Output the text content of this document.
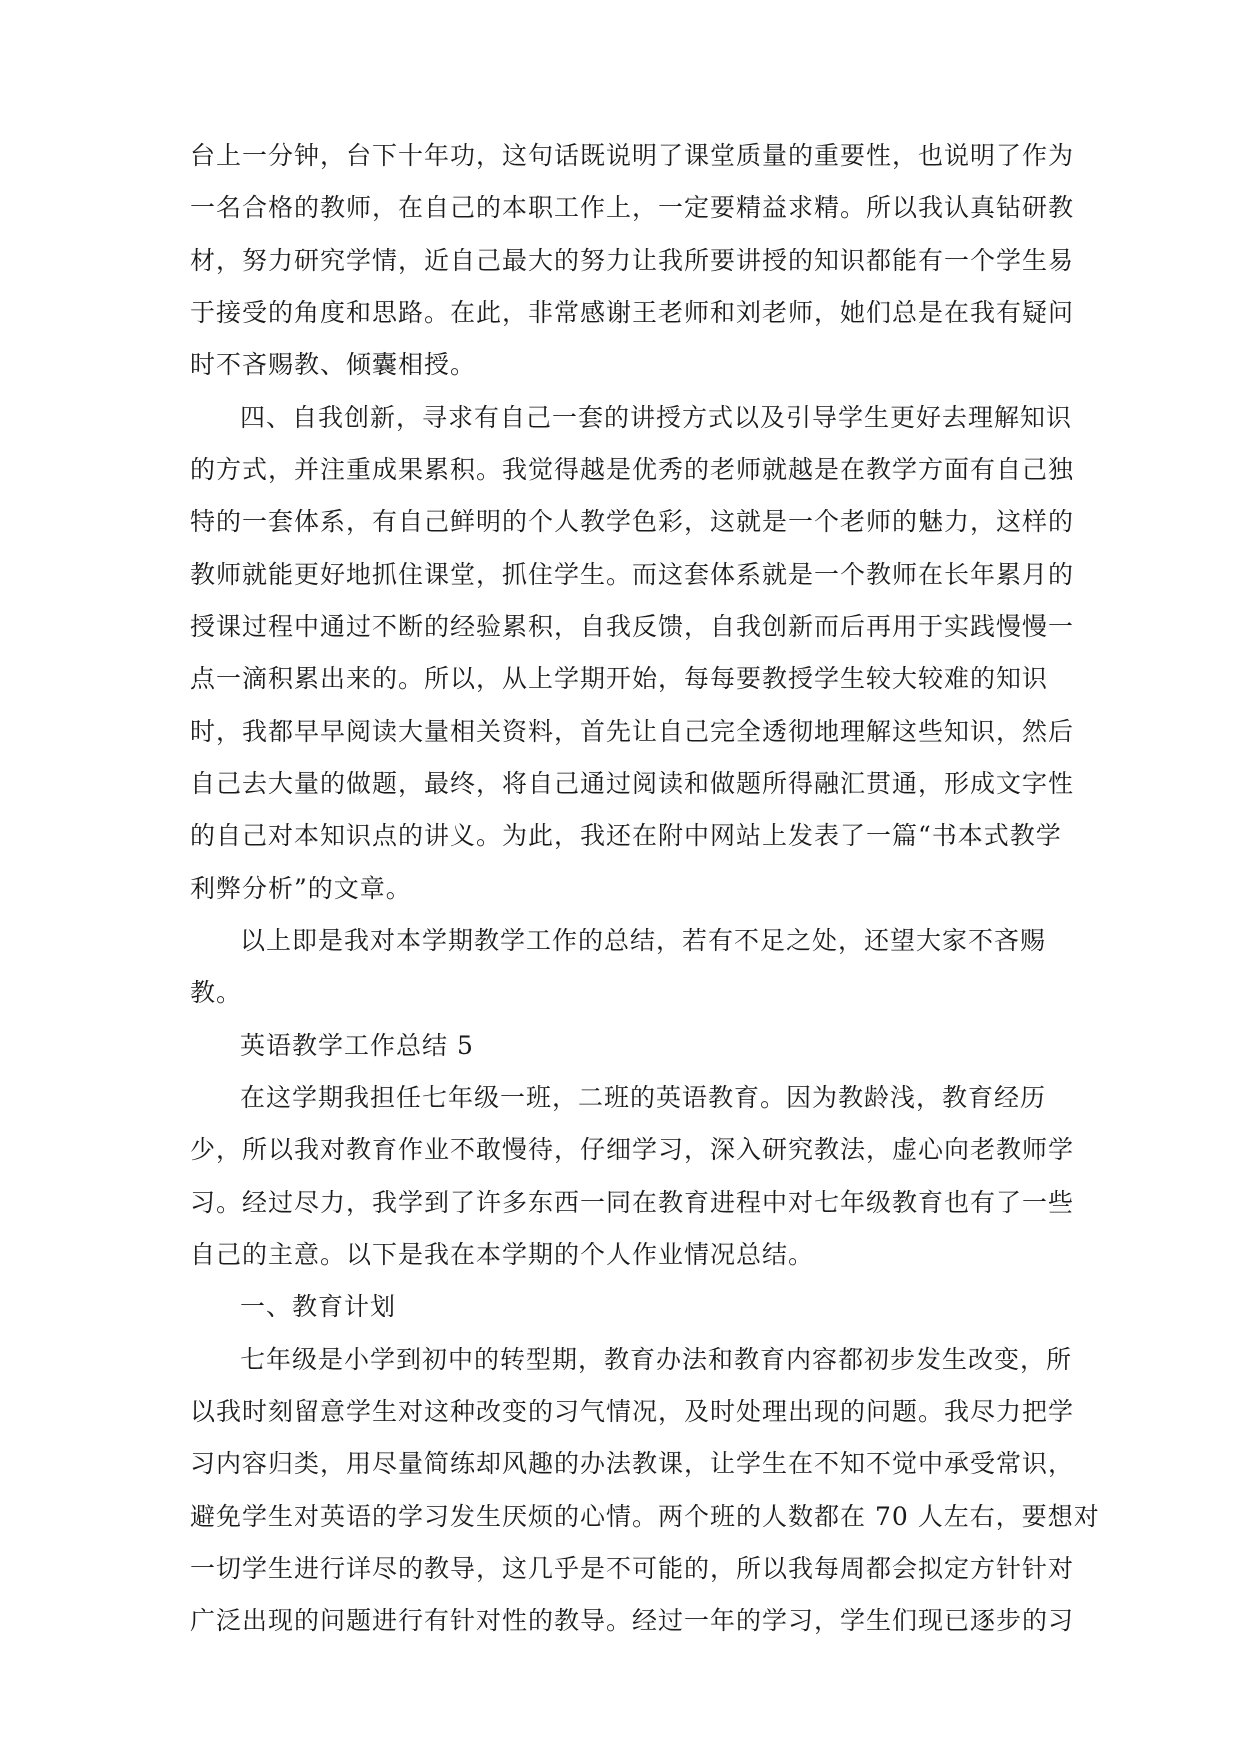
台上一分钟，台下十年功，这句话既说明了课堂质量的重要性，也说明了作为
一名合格的教师，在自己的本职工作上，一定要精益求精。所以我认真钻研教
材，努力研究学情，近自己最大的努力让我所要讲授的知识都能有一个学生易
于接受的角度和思路。在此，非常感谢王老师和刘老师，她们总是在我有疑问
时不吝赐教、倾囊相授。
四、自我创新，寻求有自己一套的讲授方式以及引导学生更好去理解知识
的方式，并注重成果累积。我觉得越是优秀的老师就越是在教学方面有自己独
特的一套体系，有自己鲜明的个人教学色彩，这就是一个老师的魅力，这样的
教师就能更好地抓住课堂，抓住学生。而这套体系就是一个教师在长年累月的
授课过程中通过不断的经验累积，自我反馈，自我创新而后再用于实践慢慢一
点一滴积累出来的。所以，从上学期开始，每每要教授学生较大较难的知识
时，我都早早阅读大量相关资料，首先让自己完全透彻地理解这些知识，然后
自己去大量的做题，最终，将自己通过阅读和做题所得融汇贯通，形成文字性
的自己对本知识点的讲义。为此，我还在附中网站上发表了一篇“书本式教学
利弊分析”的文章。
以上即是我对本学期教学工作的总结，若有不足之处，还望大家不吝赐
教。
英语教学工作总结 5
在这学期我担任七年级一班，二班的英语教育。因为教龄浅，教育经历
少，所以我对教育作业不敢慢待，仔细学习，深入研究教法，虚心向老教师学
习。经过尽力，我学到了许多东西一同在教育进程中对七年级教育也有了一些
自己的主意。以下是我在本学期的个人作业情况总结。
一、教育计划
七年级是小学到初中的转型期，教育办法和教育内容都初步发生改变，所
以我时刻留意学生对这种改变的习气情况，及时处理出现的问题。我尽力把学
习内容归类，用尽量简练却风趣的办法教课，让学生在不知不觉中承受常识，
避免学生对英语的学习发生厌烦的心情。两个班的人数都在 70 人左右，要想对
一切学生进行详尽的教导，这几乎是不可能的，所以我每周都会拟定方针针对
广泛出现的问题进行有针对性的教导。经过一年的学习，学生们现已逐步的习
